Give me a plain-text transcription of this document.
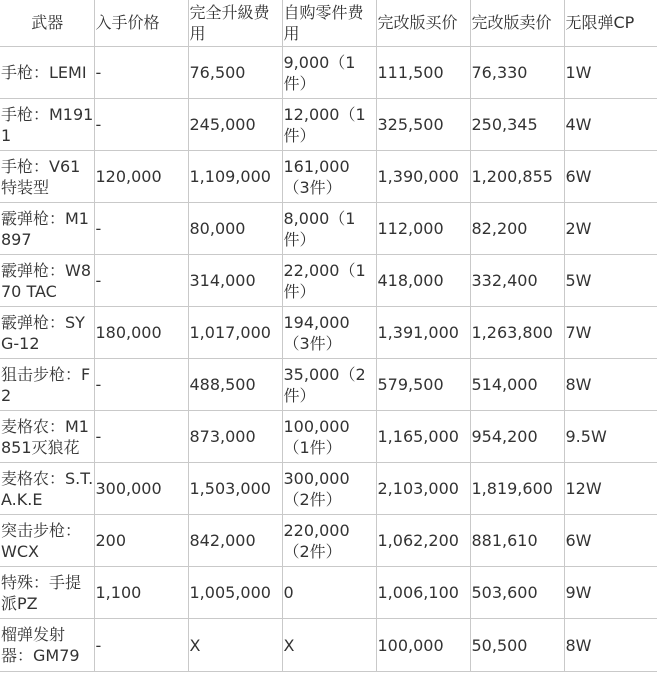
武器	入手价格	完全升級费用	自购零件费用	完改版买价	完改版卖价	无限弹CP
手枪：LEMI	-	76,500	9,000（1件）	111,500	76,330	1W
手枪：M1911	-	245,000	12,000（1件）	325,500	250,345	4W
手枪：V61特装型	120,000	1,109,000	161,000（3件）	1,390,000	1,200,855	6W
霰弹枪：M1897	-	80,000	8,000（1件）	112,000	82,200	2W
霰弹枪：W870 TAC	-	314,000	22,000（1件）	418,000	332,400	5W
霰弹枪：SYG-12	180,000	1,017,000	194,000（3件）	1,391,000	1,263,800	7W
狙击步枪：F2	-	488,500	35,000（2件）	579,500	514,000	8W
麦格农：M1851灭狼花	-	873,000	100,000（1件）	1,165,000	954,200	9.5W
麦格农：S.T.A.K.E	300,000	1,503,000	300,000（2件）	2,103,000	1,819,600	12W
突击步枪：WCX	200	842,000	220,000（2件）	1,062,200	881,610	6W
特殊：手提派PZ	1,100	1,005,000	0	1,006,100	503,600	9W
榴弹发射器：GM79	-	X	X	100,000	50,500	8W
